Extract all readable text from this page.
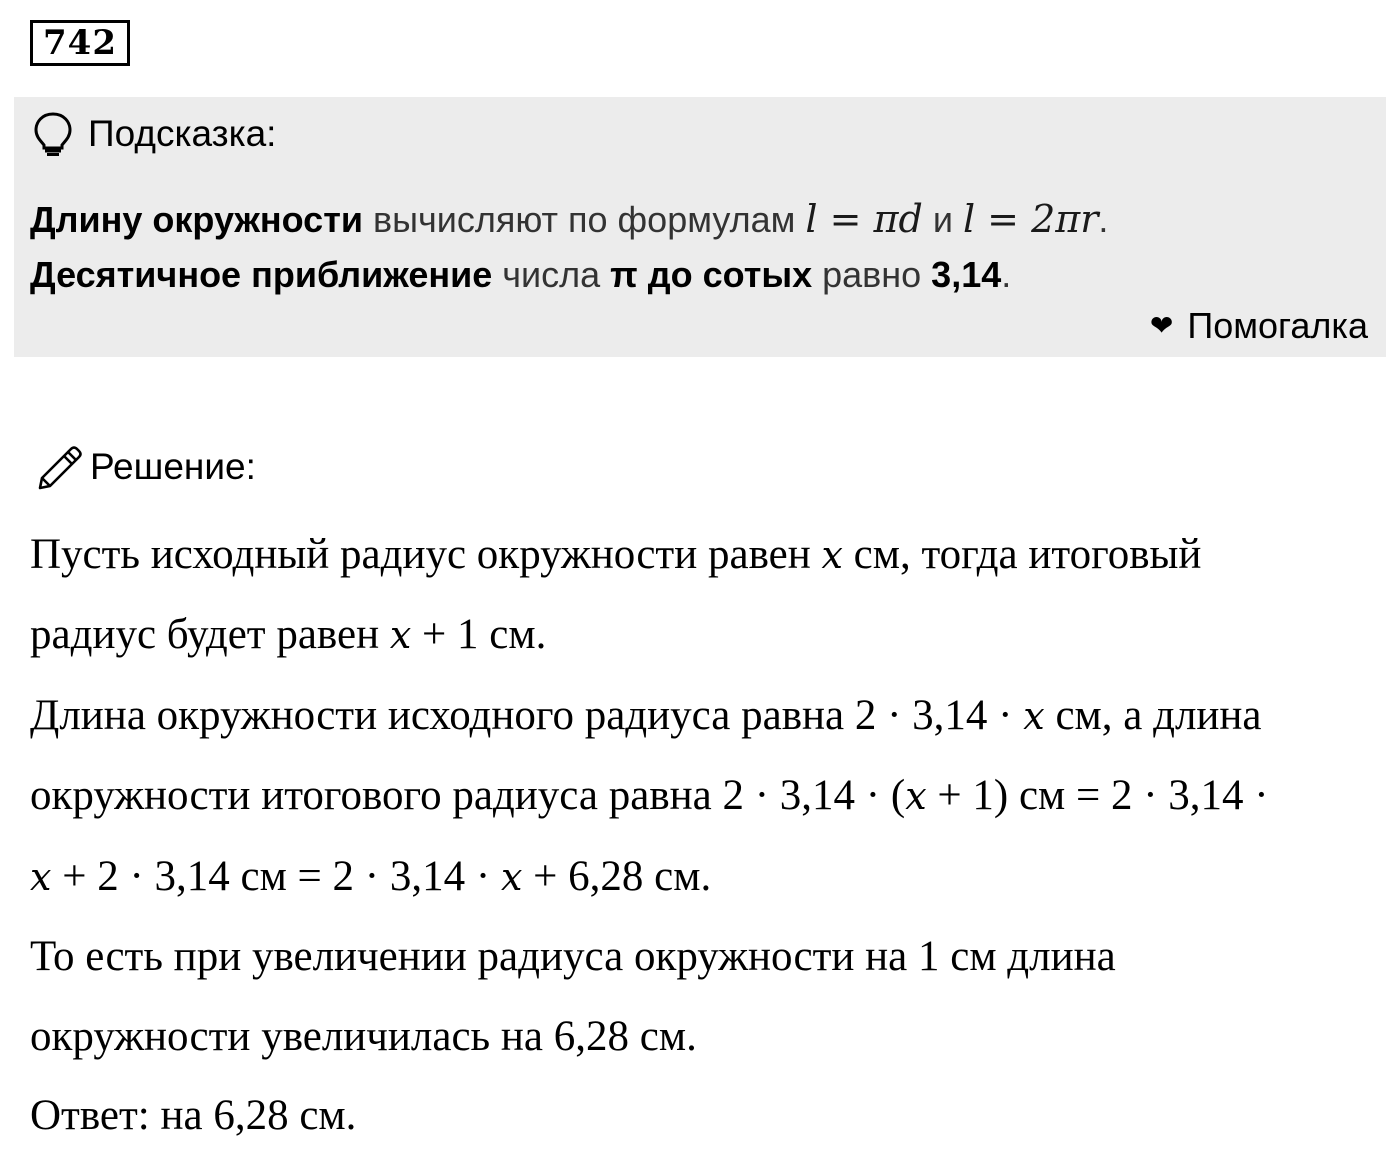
742
Подсказка:
Длину окружности вычисляют по формулам l = πd и l = 2πr.
Десятичное приближение числа π до сотых равно 3,14.
❤ Помогалка
Решение:
Пусть исходный радиус окружности равен x см, тогда итоговый
радиус будет равен x + 1 см.
Длина окружности исходного радиуса равна 2 · 3,14 · x см, а длина
окружности итогового радиуса равна 2 · 3,14 · (x + 1) см = 2 · 3,14 ·
x + 2 · 3,14 см = 2 · 3,14 · x + 6,28 см.
То есть при увеличении радиуса окружности на 1 см длина
окружности увеличилась на 6,28 см.
Ответ: на 6,28 см.
